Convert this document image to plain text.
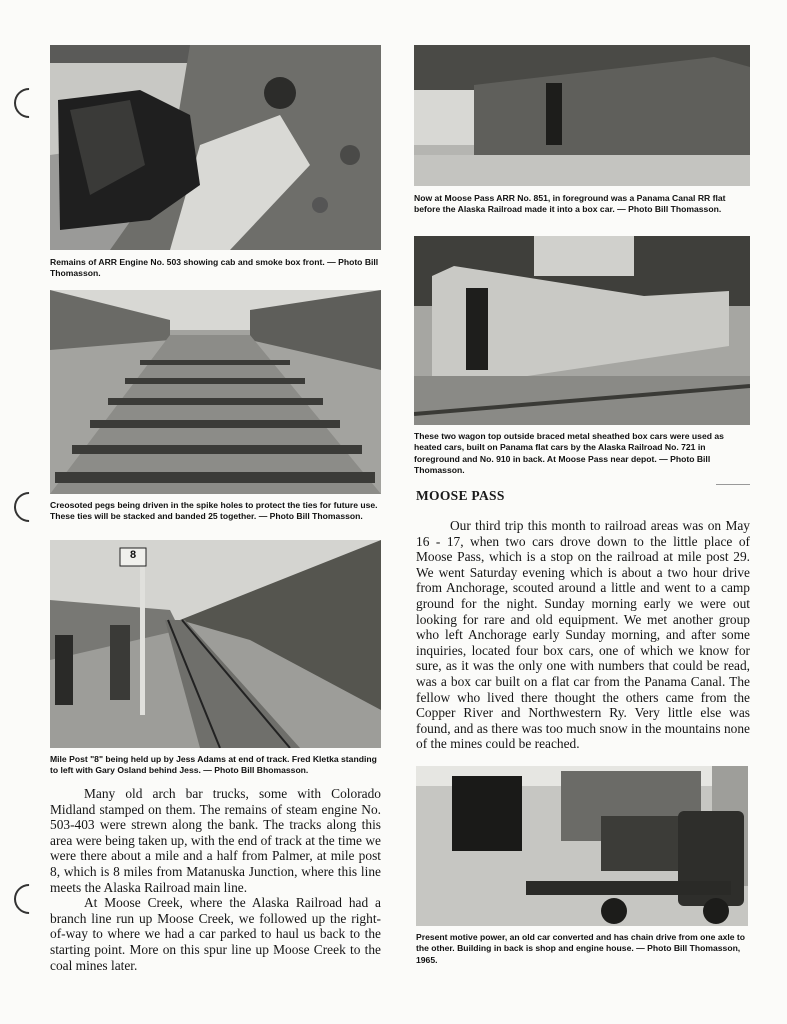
Remains of ARR Engine No. 503 showing cab and smoke box front. — Photo Bill Thomasson.
Creosoted pegs being driven in the spike holes to protect the ties for future use. These ties will be stacked and banded 25 together. — Photo Bill Thomasson.
8
Mile Post "8" being held up by Jess Adams at end of track. Fred Kletka standing to left with Gary Osland behind Jess. — Photo Bill Bhomasson.

Many old arch bar trucks, some with Colorado Midland stamped on them. The remains of steam engine No. 503-403 were strewn along the bank. The tracks along this area were being taken up, with the end of track at the time we were there about a mile and a half from Palmer, at mile post 8, which is 8 miles from Matanuska Junction, where this line meets the Alaska Railroad main line.

At Moose Creek, where the Alaska Railroad had a branch line run up Moose Creek, we followed up the right-of-way to where we had a car parked to haul us back to the starting point. More on this spur line up Moose Creek to the coal mines later.

Now at Moose Pass ARR No. 851, in foreground was a Panama Canal RR flat before the Alaska Railroad made it into a box car. — Photo Bill Thomasson.
These two wagon top outside braced metal sheathed box cars were used as heated cars, built on Panama flat cars by the Alaska Railroad No. 721 in foreground and No. 910 in back. At Moose Pass near depot. — Photo Bill Thomasson.
MOOSE PASS

Our third trip this month to railroad areas was on May 16 - 17, when two cars drove down to the little place of Moose Pass, which is a stop on the railroad at mile post 29. We went Saturday evening which is about a two hour drive from Anchorage, scouted around a little and went to a camp ground for the night. Sunday morning early we were out looking for rare and old equipment. We met another group who left Anchorage early Sunday morning, and after some inquiries, located four box cars, one of which we know for sure, as it was the only one with numbers that could be read, was a box car built on a flat car from the Panama Canal. The fellow who lived there thought the others came from the Copper River and Northwestern Ry. Very little else was found, and as there was too much snow in the mountains none of the mines could be reached.

Present motive power, an old car converted and has chain drive from one axle to the other. Building in back is shop and engine house. — Photo Bill Thomasson, 1965.
